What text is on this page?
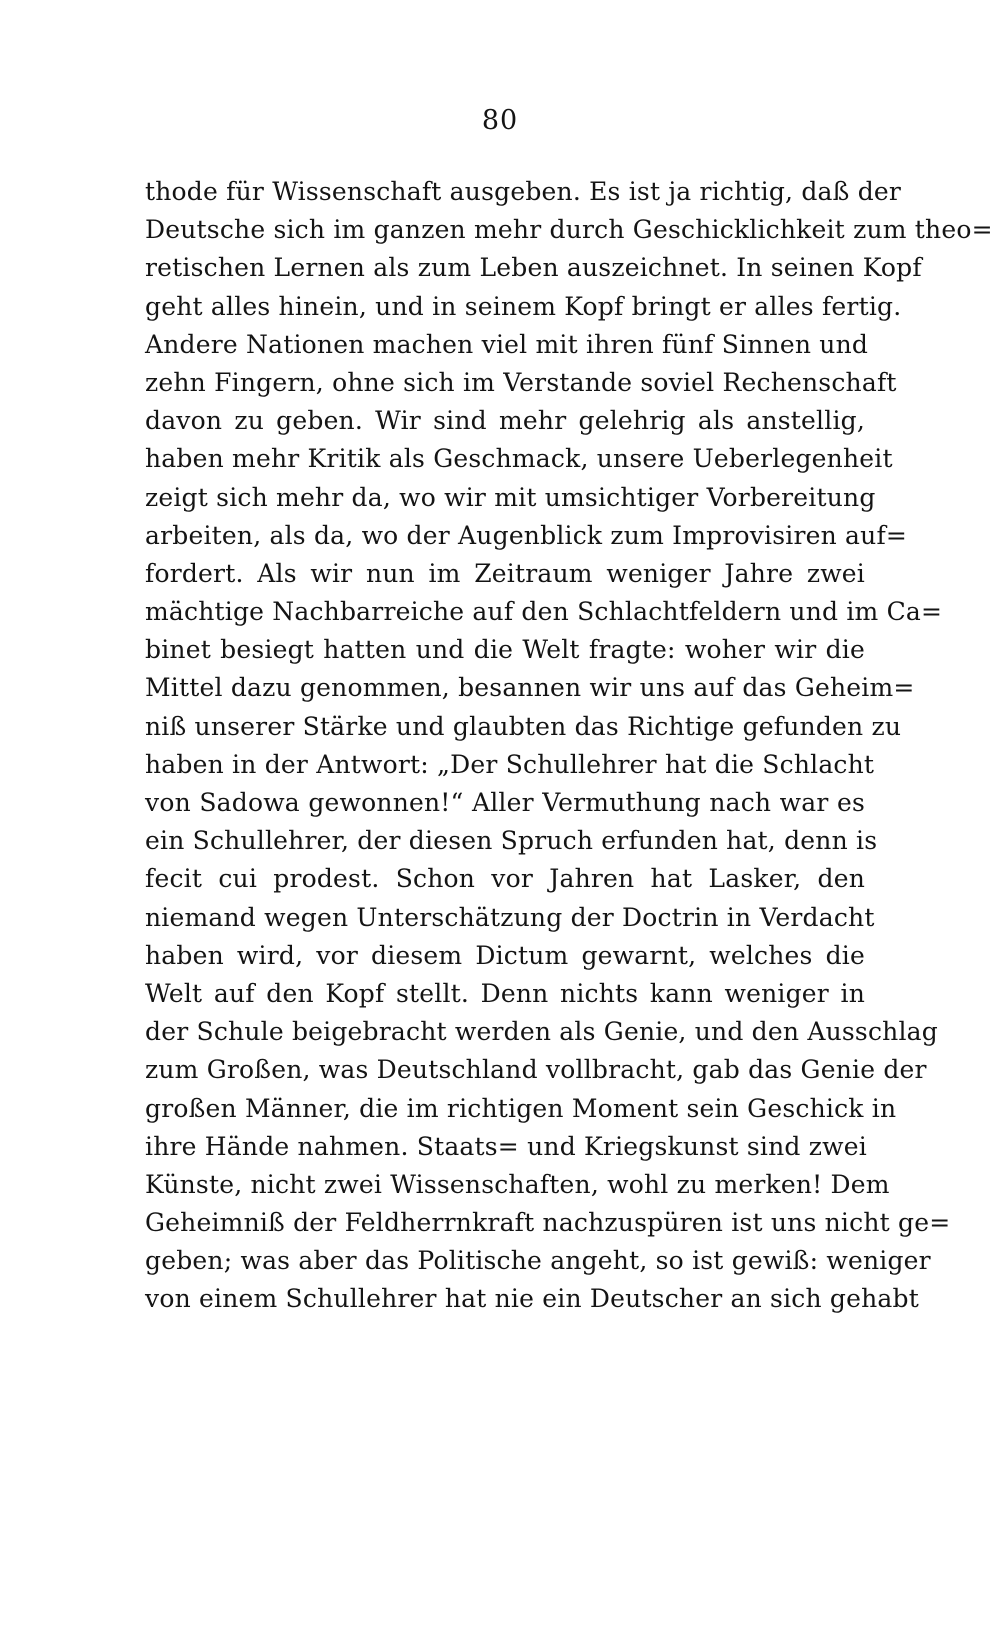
80
thode für Wissenschaft ausgeben. Es ist ja richtig, daß der
Deutsche sich im ganzen mehr durch Geschicklichkeit zum theo=
retischen Lernen als zum Leben auszeichnet. In seinen Kopf
geht alles hinein, und in seinem Kopf bringt er alles fertig.
Andere Nationen machen viel mit ihren fünf Sinnen und
zehn Fingern, ohne sich im Verstande soviel Rechenschaft
davon zu geben. Wir sind mehr gelehrig als anstellig,
haben mehr Kritik als Geschmack, unsere Ueberlegenheit
zeigt sich mehr da, wo wir mit umsichtiger Vorbereitung
arbeiten, als da, wo der Augenblick zum Improvisiren auf=
fordert. Als wir nun im Zeitraum weniger Jahre zwei
mächtige Nachbarreiche auf den Schlachtfeldern und im Ca=
binet besiegt hatten und die Welt fragte: woher wir die
Mittel dazu genommen, besannen wir uns auf das Geheim=
niß unserer Stärke und glaubten das Richtige gefunden zu
haben in der Antwort: „Der Schullehrer hat die Schlacht
von Sadowa gewonnen!“ Aller Vermuthung nach war es
ein Schullehrer, der diesen Spruch erfunden hat, denn is
fecit cui prodest. Schon vor Jahren hat Lasker, den
niemand wegen Unterschätzung der Doctrin in Verdacht
haben wird, vor diesem Dictum gewarnt, welches die
Welt auf den Kopf stellt. Denn nichts kann weniger in
der Schule beigebracht werden als Genie, und den Ausschlag
zum Großen, was Deutschland vollbracht, gab das Genie der
großen Männer, die im richtigen Moment sein Geschick in
ihre Hände nahmen. Staats= und Kriegskunst sind zwei
Künste, nicht zwei Wissenschaften, wohl zu merken! Dem
Geheimniß der Feldherrnkraft nachzuspüren ist uns nicht ge=
geben; was aber das Politische angeht, so ist gewiß: weniger
von einem Schullehrer hat nie ein Deutscher an sich gehabt
